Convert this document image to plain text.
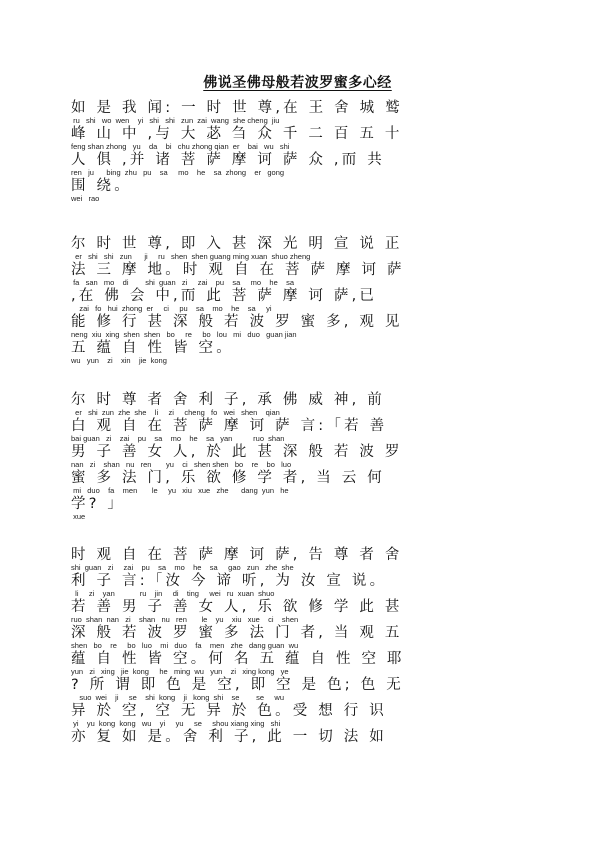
佛说圣佛母般若波罗蜜多心经
如 是 我 闻: 一 时 世 尊,在 王 舍 城 鹫
ru   shi   wo  wen    yi   shi   shi   zun  zai  wang  she cheng  jiu
峰 山 中 ,与 大 苾 刍 众 千 二 百 五 十
feng shan zhong   yu    da    bi   chu zhong qian  er    bai   wu   shi
人 俱 ,并 诸 菩 萨 摩 诃 萨 众 ,而 共
ren   ju      bing  zhu   pu    sa     mo    he    sa  zhong    er   gong
围 绕。
wei   rao
尔 时 世 尊, 即 入 甚 深 光 明 宣 说 正
er   shi   shi   zun      ji     ru   shen  shen guang ming xuan  shuo zheng
法 三 摩 地。时 观 自 在 菩 萨 摩 诃 萨
fa   san   mo    di        shi  guan   zi     zai    pu    sa     mo    he    sa
,在 佛 会 中,而 此 菩 萨 摩 诃 萨,已
zai   fo   hui  zhong  er     ci     pu    sa    mo    he    sa     yi
能 修 行 甚 深 般 若 波 罗 蜜 多, 观 见
neng  xiu  xing  shen  shen   bo     re     bo   lou   mi   duo   guan jian
五 蕴 自 性 皆 空。
wu   yun    zi    xin    jie  kong
尔 时 尊 者 舍 利 子, 承 佛 威 神, 前
er   shi  zun  zhe  she    li     zi     cheng   fo   wei   shen    qian
白 观 自 在 菩 萨 摩 诃 萨 言:「若 善
bai guan   zi    zai    pu    sa    mo    he    sa   yan          ruo  shan
男 子 善 女 人, 於 此 甚 深 般 若 波 罗
nan   zi    shan   nu   ren       yu    ci   shen shen   bo    re    bo   luo
蜜 多 法 门, 乐 欲 修 学 者, 当 云 何
mi   duo    fa    men       le     yu   xiu   xue   zhe      dang  yun   he
学? 」
xue
时 观 自 在 菩 萨 摩 诃 萨, 告 尊 者 舍
shi  guan   zi     zai    pu    sa    mo    he    sa     gao   zun   zhe  she
利 子 言:「汝 今 谛 听, 为 汝 宣 说。
li     zi    yan            ru    jin     di    ting     wei   ru  xuan  shuo
若 善 男 子 善 女 人, 乐 欲 修 学 此 甚
ruo  shan  nan   zi    shan   nu   ren       le    yu    xiu   xue    ci    shen
深 般 若 波 罗 蜜 多 法 门 者, 当 观 五
shen   bo    re     bo   luo    mi   duo    fa    men   zhe   dang guan  wu
蕴 自 性 皆 空。何 名 五 蕴 自 性 空 耶
yun   zi   xing   jie  kong     he   ming  wu   yun    zi   xing kong   ye
? 所 谓 即 色 是 空, 即 空 是 色; 色 无
suo  wei    ji     se    shi  kong    ji   kong  shi    se        se     wu
异 於 空, 空 无 异 於 色。受 想 行 识
yi    yu  kong  kong   wu    yi     yu     se     shou xiang xing   shi
亦 复 如 是。舍 利 子, 此 一 切 法 如
